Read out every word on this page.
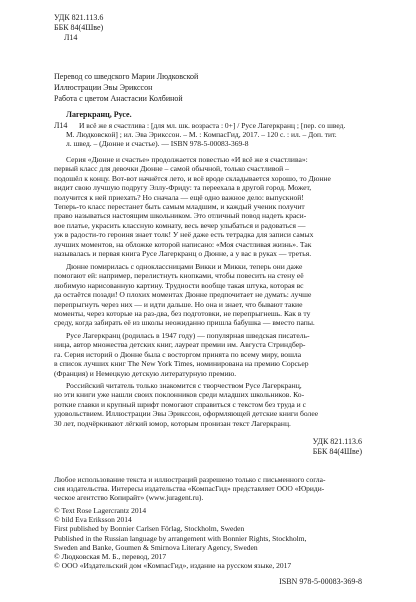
УДК 821.113.6
ББК 84(4Шве)
Л14
Перевод со шведского Марии Людковской
Иллюстрации Эвы Эрикссон
Работа с цветом Анастасии Колбиной
Лагеркранц, Русе.
Л14 И всё же я счастлива : [для мл. шк. возраста : 0+] / Русе Лагеркранц ; [пер. со швед.
М. Людковской] ; ил. Эва Эрикссон. – М. : КомпасГид, 2017. – 120 с. : ил. – Доп. тит.
л. швед. – (Дюнне и счастье). — ISBN 978-5-00083-369-8
Серия «Дюнне и счастье» продолжается повестью «И всё же я счастлива»:
первый класс для девочки Дюнне – самой обычной, только счастливой –
подошёл к концу. Вот-вот начнётся лето, и всё вроде складывается хорошо, то Дюнне
видит свою лучшую подругу Эллу-Фриду: та переехала в другой город. Может,
получится к ней приехать? Но сначала — ещё одно важное дело: выпускной!
Теперь-то класс перестанет быть самым младшим, и каждый ученик получит
право называться настоящим школьником. Это отличный повод надеть краси-
вое платье, украсить классную комнату, весь вечер улыбаться и радоваться —
уж в радости-то героиня знает толк! У неё даже есть тетрадка для записи самых
лучших моментов, на обложке которой написано: «Моя счастливая жизнь». Так
называлась и первая книга Русе Лагеркранц о Дюнне, а у вас в руках — третья.
Дюнне помирилась с одноклассницами Викки и Микки, теперь они даже
помогают ей: например, перелистнуть кнопками, чтобы повесить на стену её
любимую нарисованную картину. Трудности вообще такая штука, которая вс
да остаётся позади! О плохих моментах Дюнне предпочитает не думать: лучше
перепрыгнуть через них — и идти дальше. Но она и знает, что бывают такие
моменты, через которые на раз-два, без подготовки, не перепрыгнешь. Как в ту
среду, когда забирать её из школы неожиданно пришла бабушка — вместо папы.
Русе Лагеркранц (родилась в 1947 году) — популярная шведская писатель-
ница, автор множества детских книг, лауреат премии им. Августа Стриндбер-
га. Серия историй о Дюнне была с восторгом принята по всему миру, вошла
в список лучших книг The New York Times, номинирована на премию Сорсьер
(Франция) и Немецкую детскую литературную премию.
Российский читатель только знакомится с творчеством Русе Лагеркранц,
но эти книги уже нашли своих поклонников среди младших школьников. Ко-
роткие главки и крупный шрифт помогают справиться с текстом без труда и с
удовольствием. Иллюстрации Эвы Эрикссон, оформляющей детские книги более
30 лет, подчёркивают лёгкий юмор, которым пронизан текст Лагеркранц.
УДК 821.113.6
ББК 84(4Шве)
Любое использование текста и иллюстраций разрешено только с письменного согла-
сия издательства. Интересы издательства «КомпасГид» представляет ООО «Юриди-
ческое агентство Копирайт» (www.juragent.ru).
© Text Rose Lagercrantz 2014
© bild Eva Eriksson 2014
First published by Bonnier Carlsen Förlag, Stockholm, Sweden
Published in the Russian language by arrangement with Bonnier Rights, Stockholm,
Sweden and Banke, Goumen & Smirnova Literary Agency, Sweden
© Людковская М. Б., перевод, 2017
© ООО «Издательский дом «КомпасГид», издание на русском языке, 2017
ISBN 978-5-00083-369-8
